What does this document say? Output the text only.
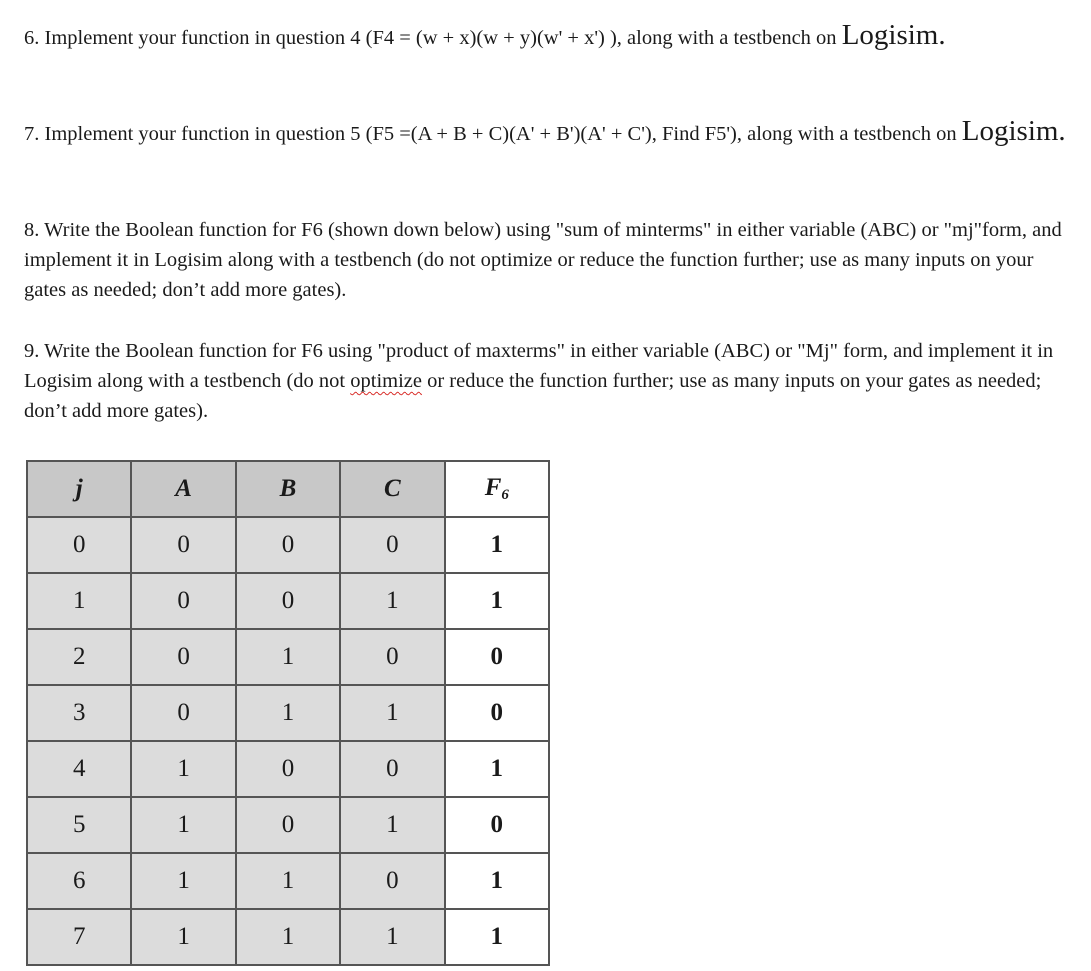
6. Implement your function in question 4 (F4 = (w + x)(w + y)(w' + x') ), along with a testbench on Logisim.

7. Implement your function in question 5 (F5 =(A + B + C)(A' + B')(A' + C'), Find F5'), along with a testbench on Logisim.

8. Write the Boolean function for F6 (shown down below) using "sum of minterms" in either variable (ABC) or "mj"form, and implement it in Logisim along with a testbench (do not optimize or reduce the function further; use as many inputs on your gates as needed; don’t add more gates).

9. Write the Boolean function for F6 using "product of maxterms" in either variable (ABC) or "Mj" form, and implement it in Logisim along with a testbench (do not optimize or reduce the function further; use as many inputs on your gates as needed; don’t add more gates).

j	A	B	C	$F_6$
0	0	0	0	1
1	0	0	1	1
2	0	1	0	0
3	0	1	1	0
4	1	0	0	1
5	1	0	1	0
6	1	1	0	1
7	1	1	1	1
